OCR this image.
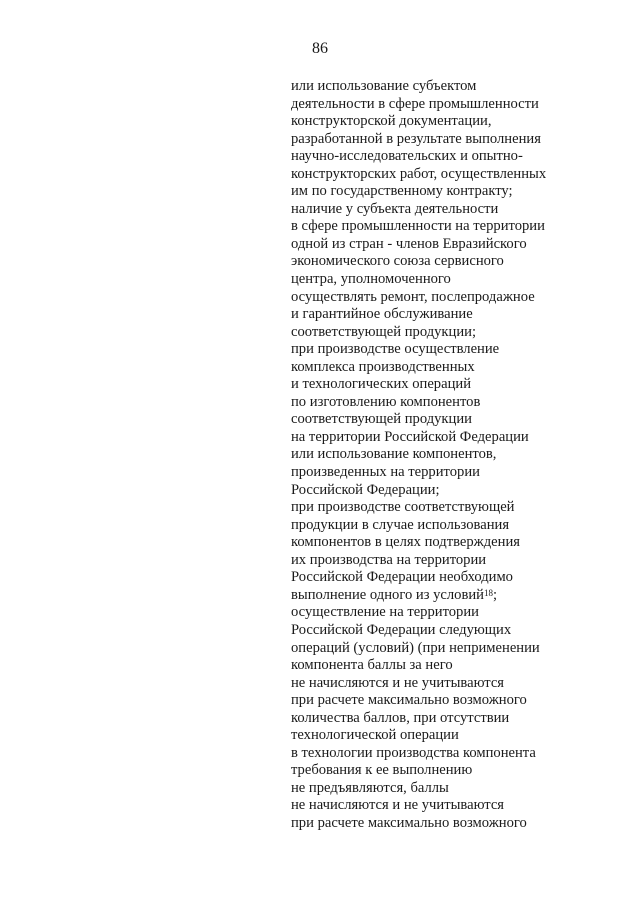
86
или использование субъектом
деятельности в сфере промышленности
конструкторской документации,
разработанной в результате выполнения
научно-исследовательских и опытно-
конструкторских работ, осуществленных
им по государственному контракту;
наличие у субъекта деятельности
в сфере промышленности на территории
одной из стран - членов Евразийского
экономического союза сервисного
центра, уполномоченного
осуществлять ремонт, послепродажное
и гарантийное обслуживание
соответствующей продукции;
при производстве осуществление
комплекса производственных
и технологических операций
по изготовлению компонентов
соответствующей продукции
на территории Российской Федерации
или использование компонентов,
произведенных на территории
Российской Федерации;
при производстве соответствующей
продукции в случае использования
компонентов в целях подтверждения
их производства на территории
Российской Федерации необходимо
выполнение одного из условий$^{18}$;
осуществление на территории
Российской Федерации следующих
операций (условий) (при неприменении
компонента баллы за него
не начисляются и не учитываются
при расчете максимально возможного
количества баллов, при отсутствии
технологической операции
в технологии производства компонента
требования к ее выполнению
не предъявляются, баллы
не начисляются и не учитываются
при расчете максимально возможного
